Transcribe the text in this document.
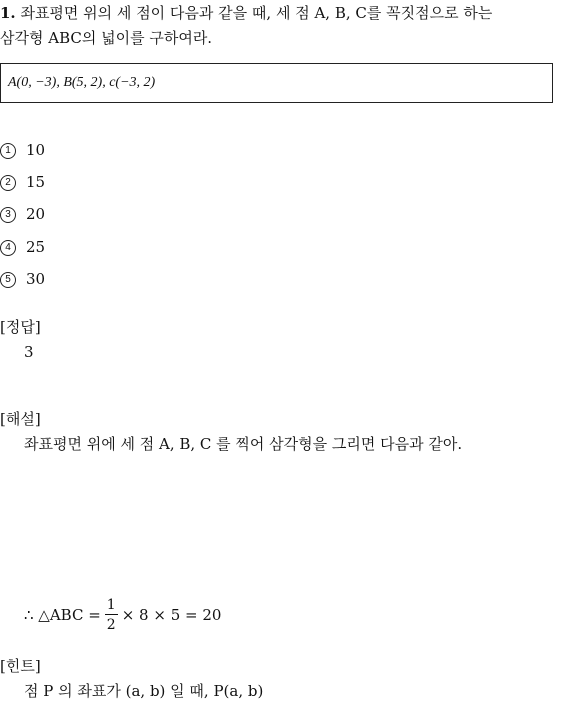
1. 좌표평면 위의 세 점이 다음과 같을 때, 세 점 A, B, C를 꼭짓점으로 하는
삼각형 ABC의 넓이를 구하여라.
A(0, −3), B(5, 2), c(−3, 2)
1 10
2 15
3 20
4 25
5 30
[정답]
3
[해설]
좌표평면 위에 세 점 A, B, C 를 찍어 삼각형을 그리면 다음과 같아.
∴ △ABC = $\frac{1}{2} \times 8 \times 5 = 20$
[힌트]
점 P 의 좌표가 (a, b) 일 때, P(a, b)
